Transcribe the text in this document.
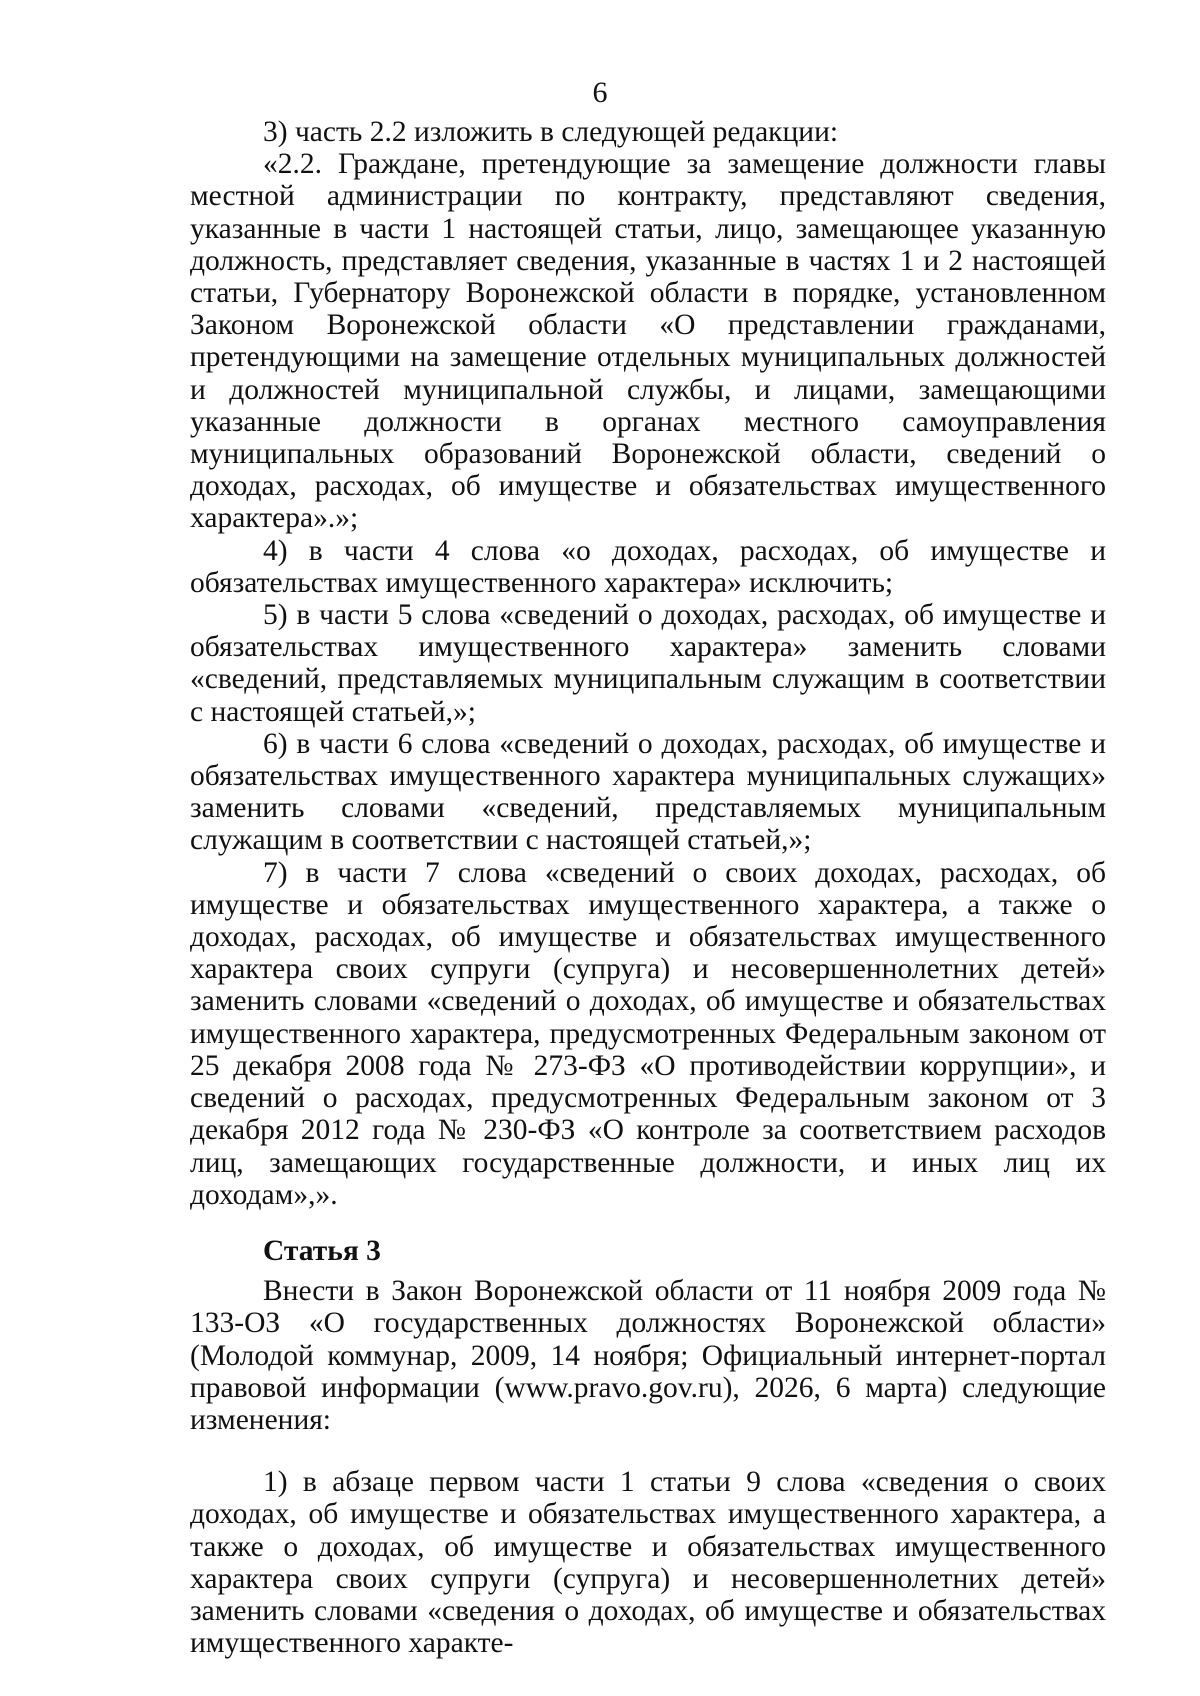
6

3) часть 2.2 изложить в следующей редакции:

«2.2. Граждане, претендующие за замещение должности главы местной администрации по контракту, представляют сведения, указанные в части 1 настоящей статьи, лицо, замещающее указанную должность, представляет сведения, указанные в частях 1 и 2 настоящей статьи, Губернатору Воронежской области в порядке, установленном Законом Воронежской области «О представлении гражданами, претендующими на замещение отдельных муниципальных должностей и должностей муниципальной службы, и лицами, замещающими указанные должности в органах местного самоуправления муниципальных образований Воронежской области, сведений о доходах, расходах, об имуществе и обязательствах имущественного характера».»;

4) в части 4 слова «о доходах, расходах, об имуществе и обязательствах имущественного характера» исключить;

5) в части 5 слова «сведений о доходах, расходах, об имуществе и обязательствах имущественного характера» заменить словами «сведений, представляемых муниципальным служащим в соответствии с настоящей статьей,»;

6) в части 6 слова «сведений о доходах, расходах, об имуществе и обязательствах имущественного характера муниципальных служащих» заменить словами «сведений, представляемых муниципальным служащим в соответствии с настоящей статьей,»;

7) в части 7 слова «сведений о своих доходах, расходах, об имуществе и обязательствах имущественного характера, а также о доходах, расходах, об имуществе и обязательствах имущественного характера своих супруги (супруга) и несовершеннолетних детей» заменить словами «сведений о доходах, об имуществе и обязательствах имущественного характера, предусмотренных Федеральным законом от 25 декабря 2008 года № 273-ФЗ «О противодействии коррупции», и сведений о расходах, предусмотренных Федеральным законом от 3 декабря 2012 года № 230-ФЗ «О контроле за соответствием расходов лиц, замещающих государственные должности, и иных лиц их доходам»,».

Статья 3

Внести в Закон Воронежской области от 11 ноября 2009 года № 133-ОЗ «О государственных должностях Воронежской области» (Молодой коммунар, 2009, 14 ноября; Официальный интернет-портал правовой информации (www.pravo.gov.ru), 2026, 6 марта) следующие изменения:

1) в абзаце первом части 1 статьи 9 слова «сведения о своих доходах, об имуществе и обязательствах имущественного характера, а также о доходах, об имуществе и обязательствах имущественного характера своих супруги (супруга) и несовершеннолетних детей» заменить словами «сведения о доходах, об имуществе и обязательствах имущественного характе-
